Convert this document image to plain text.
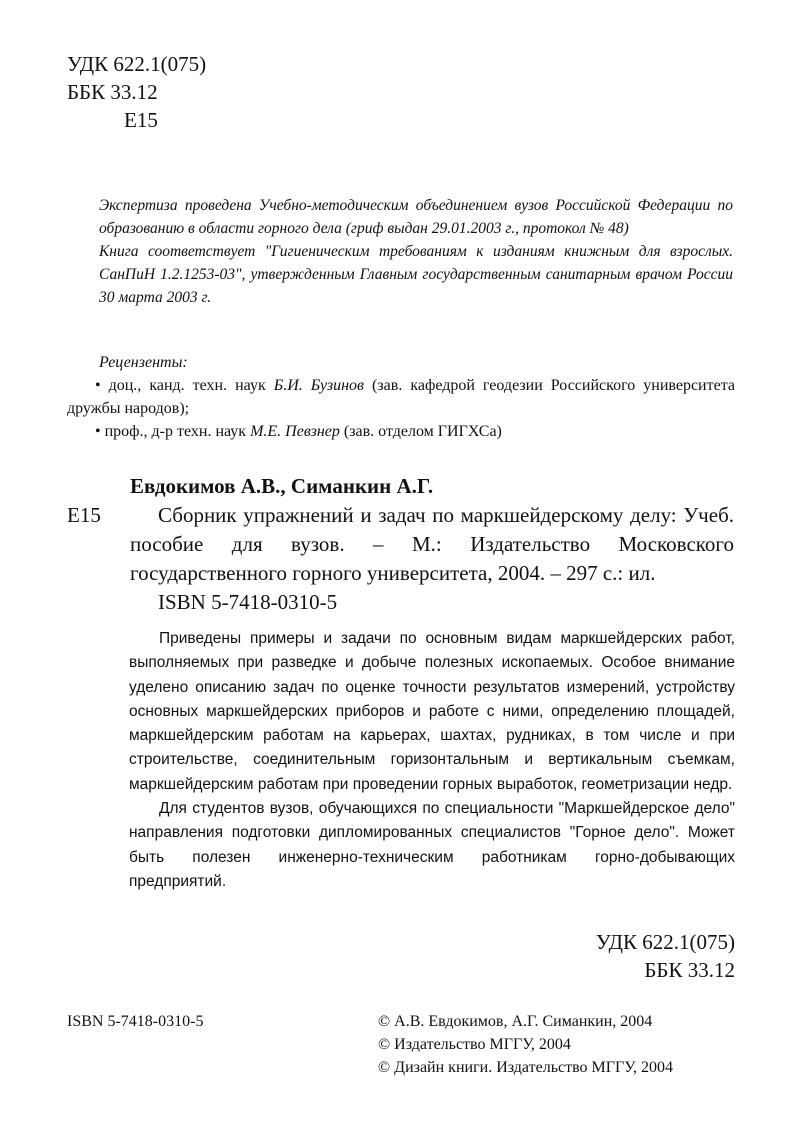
УДК 622.1(075)
ББК 33.12
Е15
Экспертиза проведена Учебно-методическим объединением вузов Российской Федерации по образованию в области горного дела (гриф выдан 29.01.2003 г., протокол № 48)
Книга соответствует "Гигиеническим требованиям к изданиям книжным для взрослых. СанПиН 1.2.1253-03", утвержденным Главным государственным санитарным врачом России 30 марта 2003 г.
Рецензенты:
• доц., канд. техн. наук Б.И. Бузинов (зав. кафедрой геодезии Российского университета дружбы народов);
• проф., д-р техн. наук М.Е. Певзнер (зав. отделом ГИГХСа)
Евдокимов А.В., Симанкин А.Г.
Е15	Сборник упражнений и задач по маркшейдерскому делу: Учеб. пособие для вузов. – М.: Издательство Московского государственного горного университета, 2004. – 297 с.: ил.
ISBN 5-7418-0310-5

Приведены примеры и задачи по основным видам маркшейдерских работ, выполняемых при разведке и добыче полезных ископаемых. Особое внимание уделено описанию задач по оценке точности результатов измерений, устройству основных маркшейдерских приборов и работе с ними, определению площадей, маркшейдерским работам на карьерах, шахтах, рудниках, в том числе и при строительстве, соединительным горизонтальным и вертикальным съемкам, маркшейдерским работам при проведении горных выработок, геометризации недр.

Для студентов вузов, обучающихся по специальности "Маркшейдерское дело" направления подготовки дипломированных специалистов "Горное дело". Может быть полезен инженерно-техническим работникам горно-добывающих предприятий.

УДК 622.1(075)
ББК 33.12
ISBN 5-7418-0310-5	© А.В. Евдокимов, А.Г. Симанкин, 2004
© Издательство МГГУ, 2004
© Дизайн книги. Издательство МГГУ, 2004
